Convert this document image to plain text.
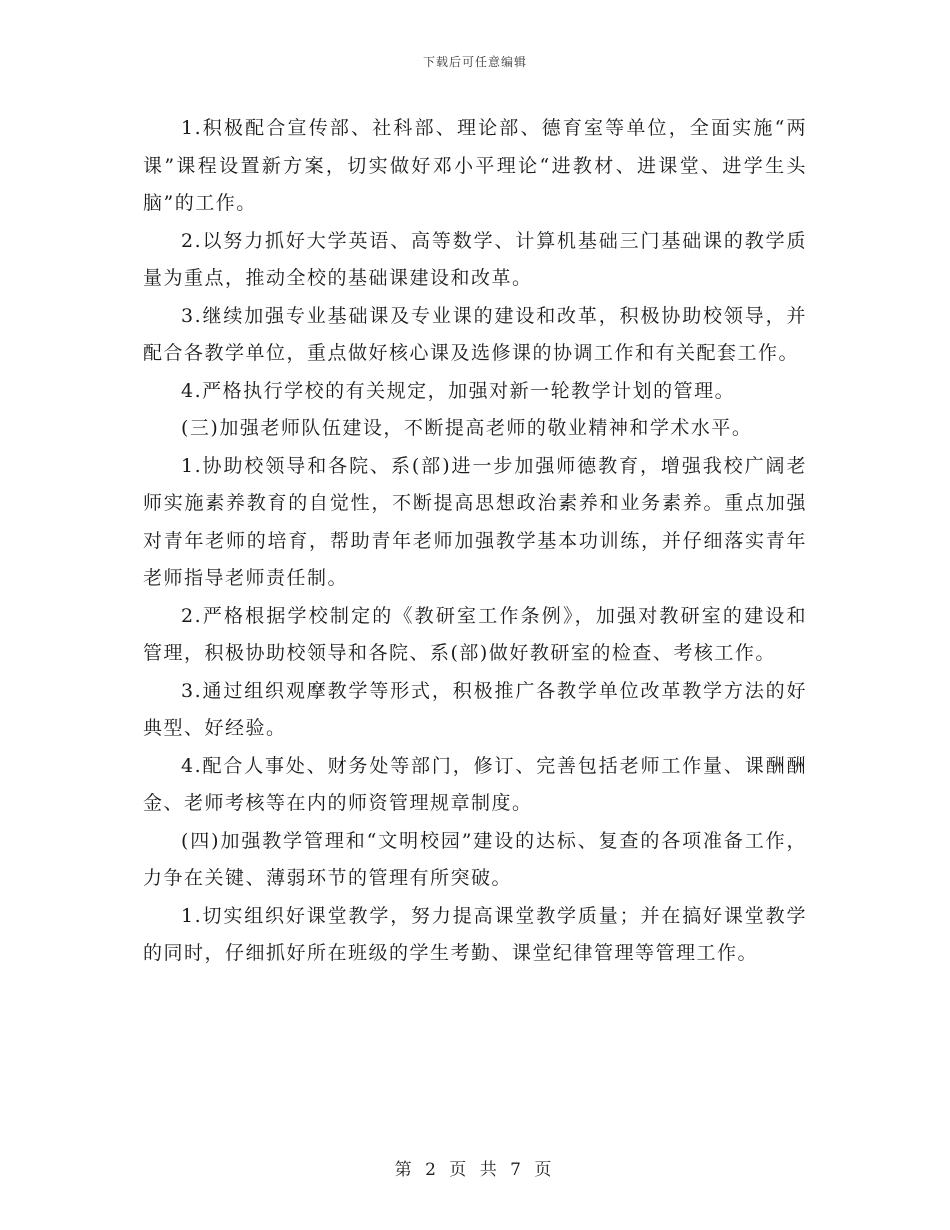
下载后可任意编辑

1.积极配合宣传部、社科部、理论部、德育室等单位，全面实施“两课”课程设置新方案，切实做好邓小平理论“进教材、进课堂、进学生头脑”的工作。

2.以努力抓好大学英语、高等数学、计算机基础三门基础课的教学质量为重点，推动全校的基础课建设和改革。

3.继续加强专业基础课及专业课的建设和改革，积极协助校领导，并配合各教学单位，重点做好核心课及选修课的协调工作和有关配套工作。

4.严格执行学校的有关规定，加强对新一轮教学计划的管理。

(三)加强老师队伍建设，不断提高老师的敬业精神和学术水平。

1.协助校领导和各院、系(部)进一步加强师德教育，增强我校广阔老师实施素养教育的自觉性，不断提高思想政治素养和业务素养。重点加强对青年老师的培育，帮助青年老师加强教学基本功训练，并仔细落实青年老师指导老师责任制。

2.严格根据学校制定的《教研室工作条例》，加强对教研室的建设和管理，积极协助校领导和各院、系(部)做好教研室的检查、考核工作。

3.通过组织观摩教学等形式，积极推广各教学单位改革教学方法的好典型、好经验。

4.配合人事处、财务处等部门，修订、完善包括老师工作量、课酬酬金、老师考核等在内的师资管理规章制度。

(四)加强教学管理和“文明校园”建设的达标、复查的各项准备工作，力争在关键、薄弱环节的管理有所突破。

1.切实组织好课堂教学，努力提高课堂教学质量；并在搞好课堂教学的同时，仔细抓好所在班级的学生考勤、课堂纪律管理等管理工作。

第 2 页 共 7 页
